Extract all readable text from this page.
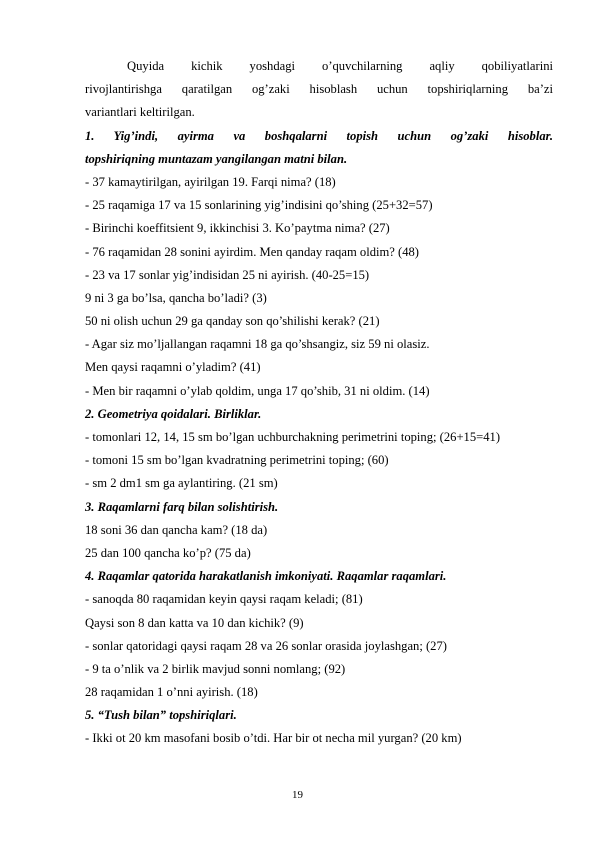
Quyida kichik yoshdagi o’quvchilarning aqliy qobiliyatlarini
rivojlantirishga qaratilgan og’zaki hisoblash uchun topshiriqlarning ba’zi
variantlari keltirilgan.
1. Yig’indi, ayirma va boshqalarni topish uchun og’zaki hisoblar.
topshiriqning muntazam yangilangan matni bilan.
- 37 kamaytirilgan, ayirilgan 19. Farqi nima? (18)
- 25 raqamiga 17 va 15 sonlarining yig’indisini qo’shing (25+32=57)
- Birinchi koeffitsient 9, ikkinchisi 3. Ko’paytma nima? (27)
- 76 raqamidan 28 sonini ayirdim. Men qanday raqam oldim? (48)
- 23 va 17 sonlar yig’indisidan 25 ni ayirish. (40-25=15)
9 ni 3 ga bo’lsa, qancha bo’ladi? (3)
50 ni olish uchun 29 ga qanday son qo’shilishi kerak? (21)
- Agar siz mo’ljallangan raqamni 18 ga qo’shsangiz, siz 59 ni olasiz.
Men qaysi raqamni o’yladim? (41)
- Men bir raqamni o’ylab qoldim, unga 17 qo’shib, 31 ni oldim. (14)
2. Geometriya qoidalari. Birliklar.
- tomonlari 12, 14, 15 sm bo’lgan uchburchakning perimetrini toping; (26+15=41)
- tomoni 15 sm bo’lgan kvadratning perimetrini toping; (60)
- sm 2 dm1 sm ga aylantiring. (21 sm)
3. Raqamlarni farq bilan solishtirish.
18 soni 36 dan qancha kam? (18 da)
25 dan 100 qancha ko’p? (75 da)
4. Raqamlar qatorida harakatlanish imkoniyati. Raqamlar raqamlari.
- sanoqda 80 raqamidan keyin qaysi raqam keladi; (81)
Qaysi son 8 dan katta va 10 dan kichik? (9)
- sonlar qatoridagi qaysi raqam 28 va 26 sonlar orasida joylashgan; (27)
- 9 ta o’nlik va 2 birlik mavjud sonni nomlang; (92)
28 raqamidan 1 o’nni ayirish. (18)
5. “Tush bilan” topshiriqlari.
- Ikki ot 20 km masofani bosib o’tdi. Har bir ot necha mil yurgan? (20 km)
19
